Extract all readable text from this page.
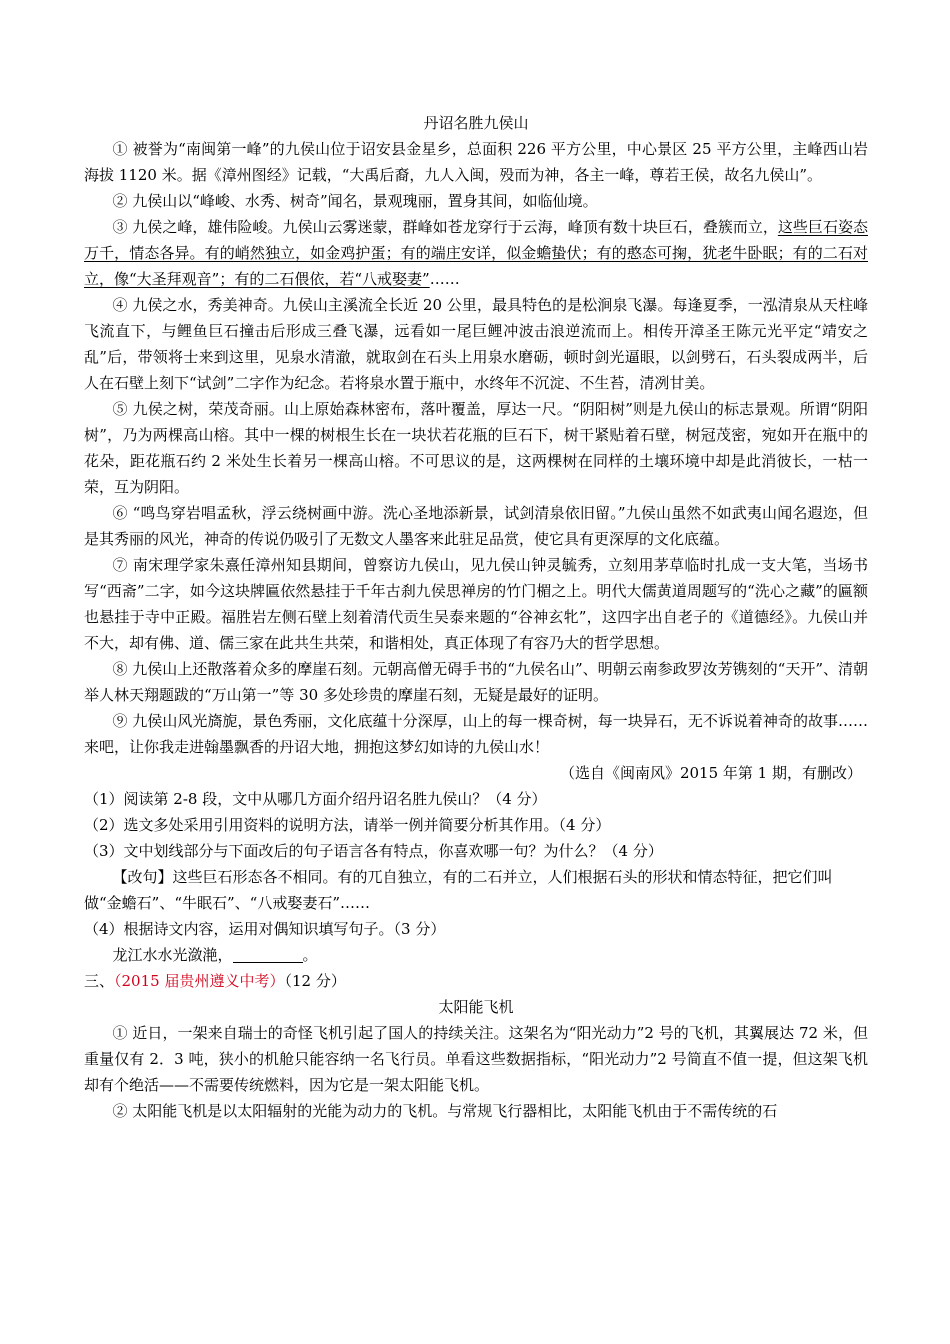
丹诏名胜九侯山

① 被誉为“南闽第一峰”的九侯山位于诏安县金星乡，总面积 226 平方公里，中心景区 25 平方公里，主峰西山岩海拔 1120 米。据《漳州图经》记载，“大禹后裔，九人入闽，殁而为神，各主一峰，尊若王侯，故名九侯山”。

② 九侯山以“峰峻、水秀、树奇”闻名，景观瑰丽，置身其间，如临仙境。

③ 九侯之峰，雄伟险峻。九侯山云雾迷蒙，群峰如苍龙穿行于云海，峰顶有数十块巨石，叠簇而立，这些巨石姿态万千，情态各异。有的峭然独立，如金鸡护蛋；有的端庄安详，似金蟾蛰伏；有的憨态可掬，犹老牛卧眠；有的二石对立，像“大圣拜观音”；有的二石偎依，若“八戒娶妻”……

④ 九侯之水，秀美神奇。九侯山主溪流全长近 20 公里，最具特色的是松涧泉飞瀑。每逢夏季，一泓清泉从天柱峰飞流直下，与鲤鱼巨石撞击后形成三叠飞瀑，远看如一尾巨鲤冲波击浪逆流而上。相传开漳圣王陈元光平定“靖安之乱”后，带领将士来到这里，见泉水清澈，就取剑在石头上用泉水磨砺，顿时剑光逼眼，以剑劈石，石头裂成两半，后人在石壁上刻下“试剑”二字作为纪念。若将泉水置于瓶中，水终年不沉淀、不生苔，清冽甘美。

⑤ 九侯之树，荣茂奇丽。山上原始森林密布，落叶覆盖，厚达一尺。“阴阳树”则是九侯山的标志景观。所谓“阴阳树”，乃为两棵高山榕。其中一棵的树根生长在一块状若花瓶的巨石下，树干紧贴着石壁，树冠茂密，宛如开在瓶中的花朵，距花瓶石约 2 米处生长着另一棵高山榕。不可思议的是，这两棵树在同样的土壤环境中却是此消彼长，一枯一荣，互为阴阳。

⑥ “鸣鸟穿岩唱孟秋，浮云绕树画中游。洗心圣地添新景，试剑清泉依旧留。”九侯山虽然不如武夷山闻名遐迩，但是其秀丽的风光，神奇的传说仍吸引了无数文人墨客来此驻足品赏，使它具有更深厚的文化底蕴。

⑦ 南宋理学家朱熹任漳州知县期间，曾察访九侯山，见九侯山钟灵毓秀，立刻用茅草临时扎成一支大笔，当场书写“西斋”二字，如今这块牌匾依然悬挂于千年古刹九侯思禅房的竹门楣之上。明代大儒黄道周题写的“洗心之藏”的匾额也悬挂于寺中正殿。福胜岩左侧石壁上刻着清代贡生吴泰来题的“谷神玄牝”，这四字出自老子的《道德经》。九侯山并不大，却有佛、道、儒三家在此共生共荣，和谐相处，真正体现了有容乃大的哲学思想。

⑧ 九侯山上还散落着众多的摩崖石刻。元朝高僧无碍手书的“九侯名山”、明朝云南参政罗汝芳镌刻的“天开”、清朝举人林天翔题跋的“万山第一”等 30 多处珍贵的摩崖石刻，无疑是最好的证明。

⑨ 九侯山风光旖旎，景色秀丽，文化底蕴十分深厚，山上的每一棵奇树，每一块异石，无不诉说着神奇的故事……来吧，让你我走进翰墨飘香的丹诏大地，拥抱这梦幻如诗的九侯山水！

（选自《闽南风》2015 年第 1 期，有删改）

（1）阅读第 2-8 段，文中从哪几方面介绍丹诏名胜九侯山？（4 分）

（2）选文多处采用引用资料的说明方法，请举一例并简要分析其作用。（4 分）

（3）文中划线部分与下面改后的句子语言各有特点，你喜欢哪一句？为什么？（4 分）

【改句】这些巨石形态各不相同。有的兀自独立，有的二石并立，人们根据石头的形状和情态特征，把它们叫做“金蟾石”、“牛眠石”、“八戒娶妻石”……

（4）根据诗文内容，运用对偶知识填写句子。（3 分）

龙江水水光潋滟，	。

三、（2015 届贵州遵义中考）（12 分）

太阳能飞机

① 近日，一架来自瑞士的奇怪飞机引起了国人的持续关注。这架名为“阳光动力”2 号的飞机，其翼展达 72 米，但重量仅有 2．3 吨，狭小的机舱只能容纳一名飞行员。单看这些数据指标，“阳光动力”2 号简直不值一提，但这架飞机却有个绝活——不需要传统燃料，因为它是一架太阳能飞机。

② 太阳能飞机是以太阳辐射的光能为动力的飞机。与常规飞行器相比，太阳能飞机由于不需传统的石
